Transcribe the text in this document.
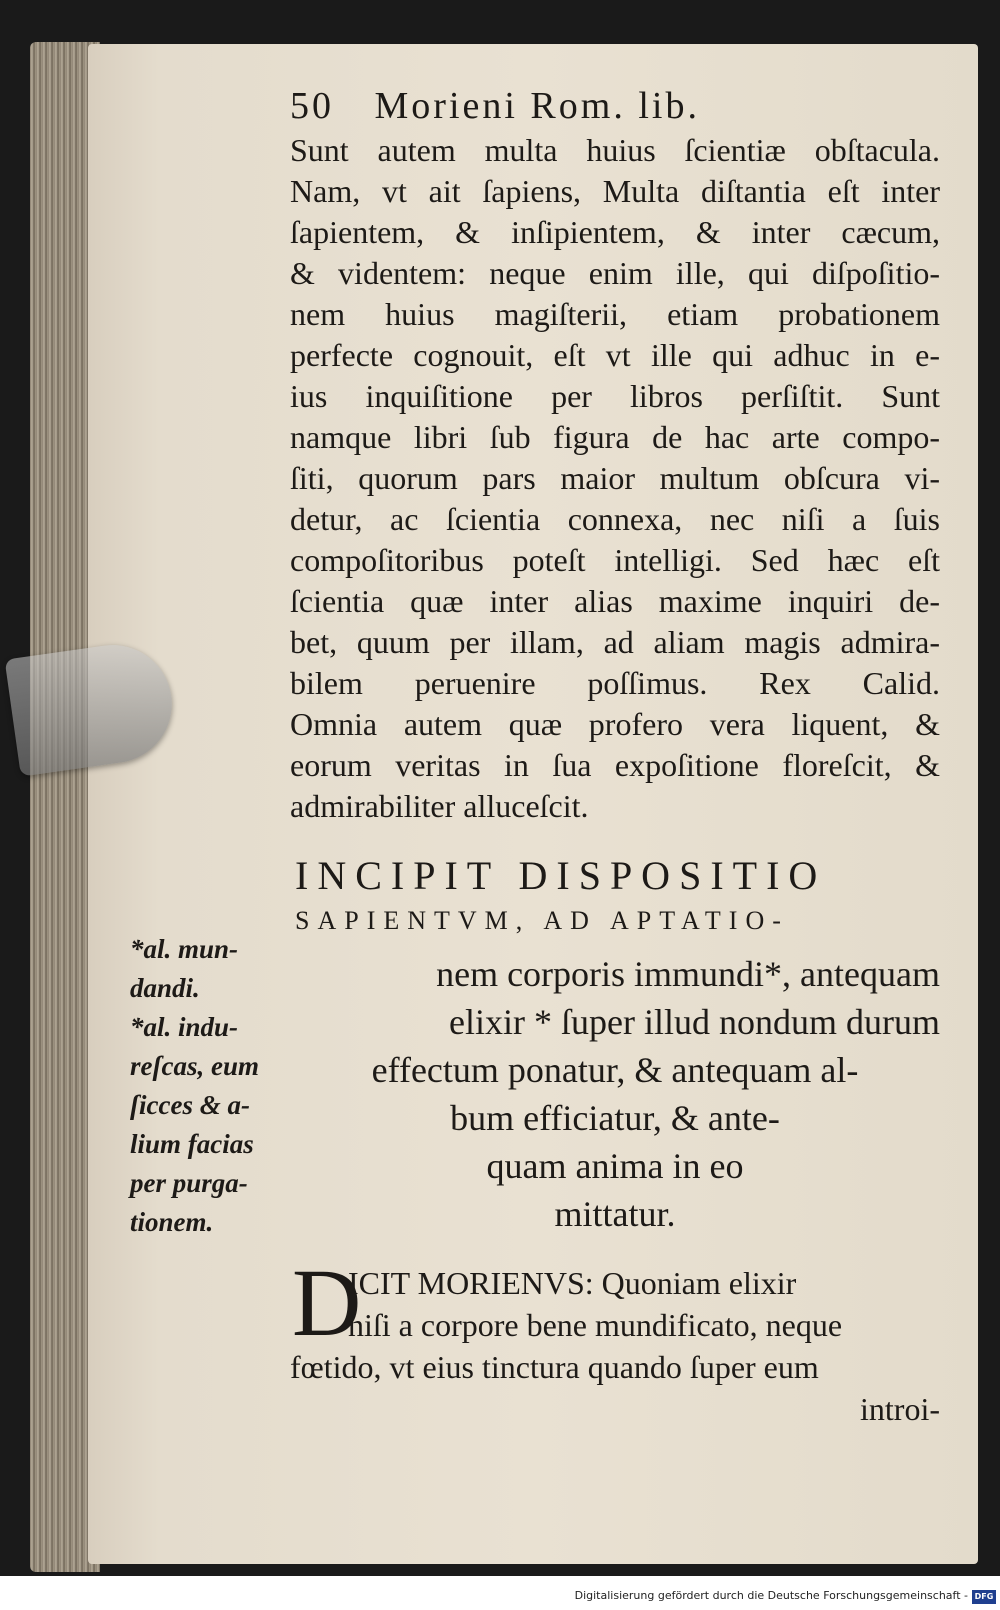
50 Morieni Rom. lib.
Sunt autem multa huius ſcientiæ obſtacula.
Nam, vt ait ſapiens, Multa diſtantia eſt inter
ſapientem, & inſipientem, & inter cæcum,
& videntem: neque enim ille, qui diſpoſitio-
nem huius magiſterii, etiam probationem
perfecte cognouit, eſt vt ille qui adhuc in e-
ius inquiſitione per libros perſiſtit. Sunt
namque libri ſub figura de hac arte compo-
ſiti, quorum pars maior multum obſcura vi-
detur, ac ſcientia connexa, nec niſi a ſuis
compoſitoribus poteſt intelligi. Sed hæc eſt
ſcientia quæ inter alias maxime inquiri de-
bet, quum per illam, ad aliam magis admira-
bilem peruenire poſſimus. Rex Calid.
Omnia autem quæ profero vera liquent, &
eorum veritas in ſua expoſitione floreſcit, &
admirabiliter alluceſcit.
INCIPIT DISPOSITIO
SAPIENTVM, AD APTATIO-
nem corporis immundi*, antequam
elixir * ſuper illud nondum durum
effectum ponatur, & antequam al-
bum efficiatur, & ante-
quam anima in eo
mittatur.
*al. mun-
dandi.
*al. indu-
reſcas, eum
ſicces & a-
lium facias
per purga-
tionem.
D
ICIT MORIENVS: Quoniam elixir
niſi a corpore bene mundificato, neque
fœtido, vt eius tinctura quando ſuper eum
introi-
Digitalisierung gefördert durch die Deutsche Forschungsgemeinschaft - DFG
